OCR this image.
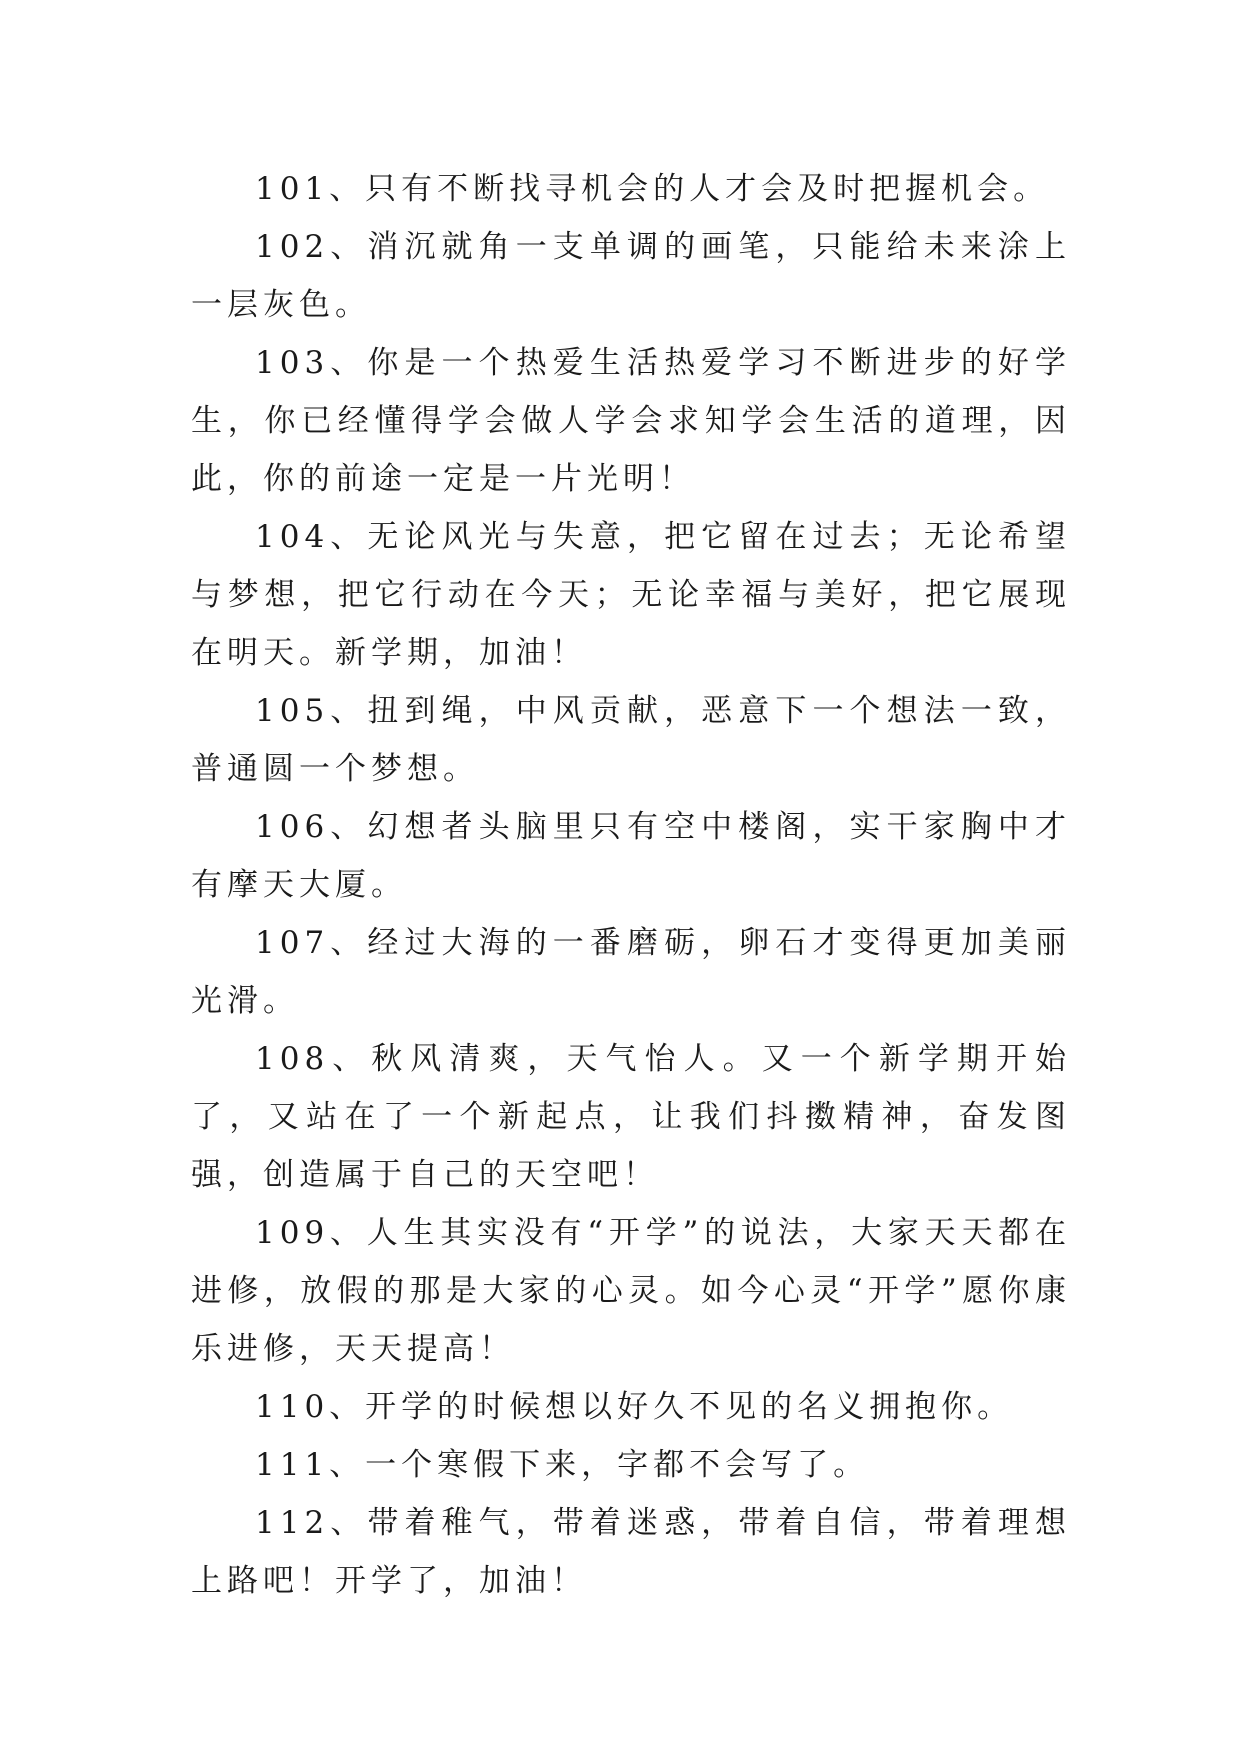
101、只有不断找寻机会的人才会及时把握机会。

102、消沉就角一支单调的画笔，只能给未来涂上一层灰色。

103、你是一个热爱生活热爱学习不断进步的好学生，你已经懂得学会做人学会求知学会生活的道理，因此，你的前途一定是一片光明！

104、无论风光与失意，把它留在过去；无论希望与梦想，把它行动在今天；无论幸福与美好，把它展现在明天。新学期，加油！

105、扭到绳，中风贡献，恶意下一个想法一致，普通圆一个梦想。

106、幻想者头脑里只有空中楼阁，实干家胸中才有摩天大厦。

107、经过大海的一番磨砺，卵石才变得更加美丽光滑。

108、秋风清爽，天气怡人。又一个新学期开始了，又站在了一个新起点，让我们抖擞精神，奋发图强，创造属于自己的天空吧！

109、人生其实没有“开学”的说法，大家天天都在进修，放假的那是大家的心灵。如今心灵“开学”愿你康乐进修，天天提高！

110、开学的时候想以好久不见的名义拥抱你。

111、一个寒假下来，字都不会写了。

112、带着稚气，带着迷惑，带着自信，带着理想上路吧！开学了，加油！
